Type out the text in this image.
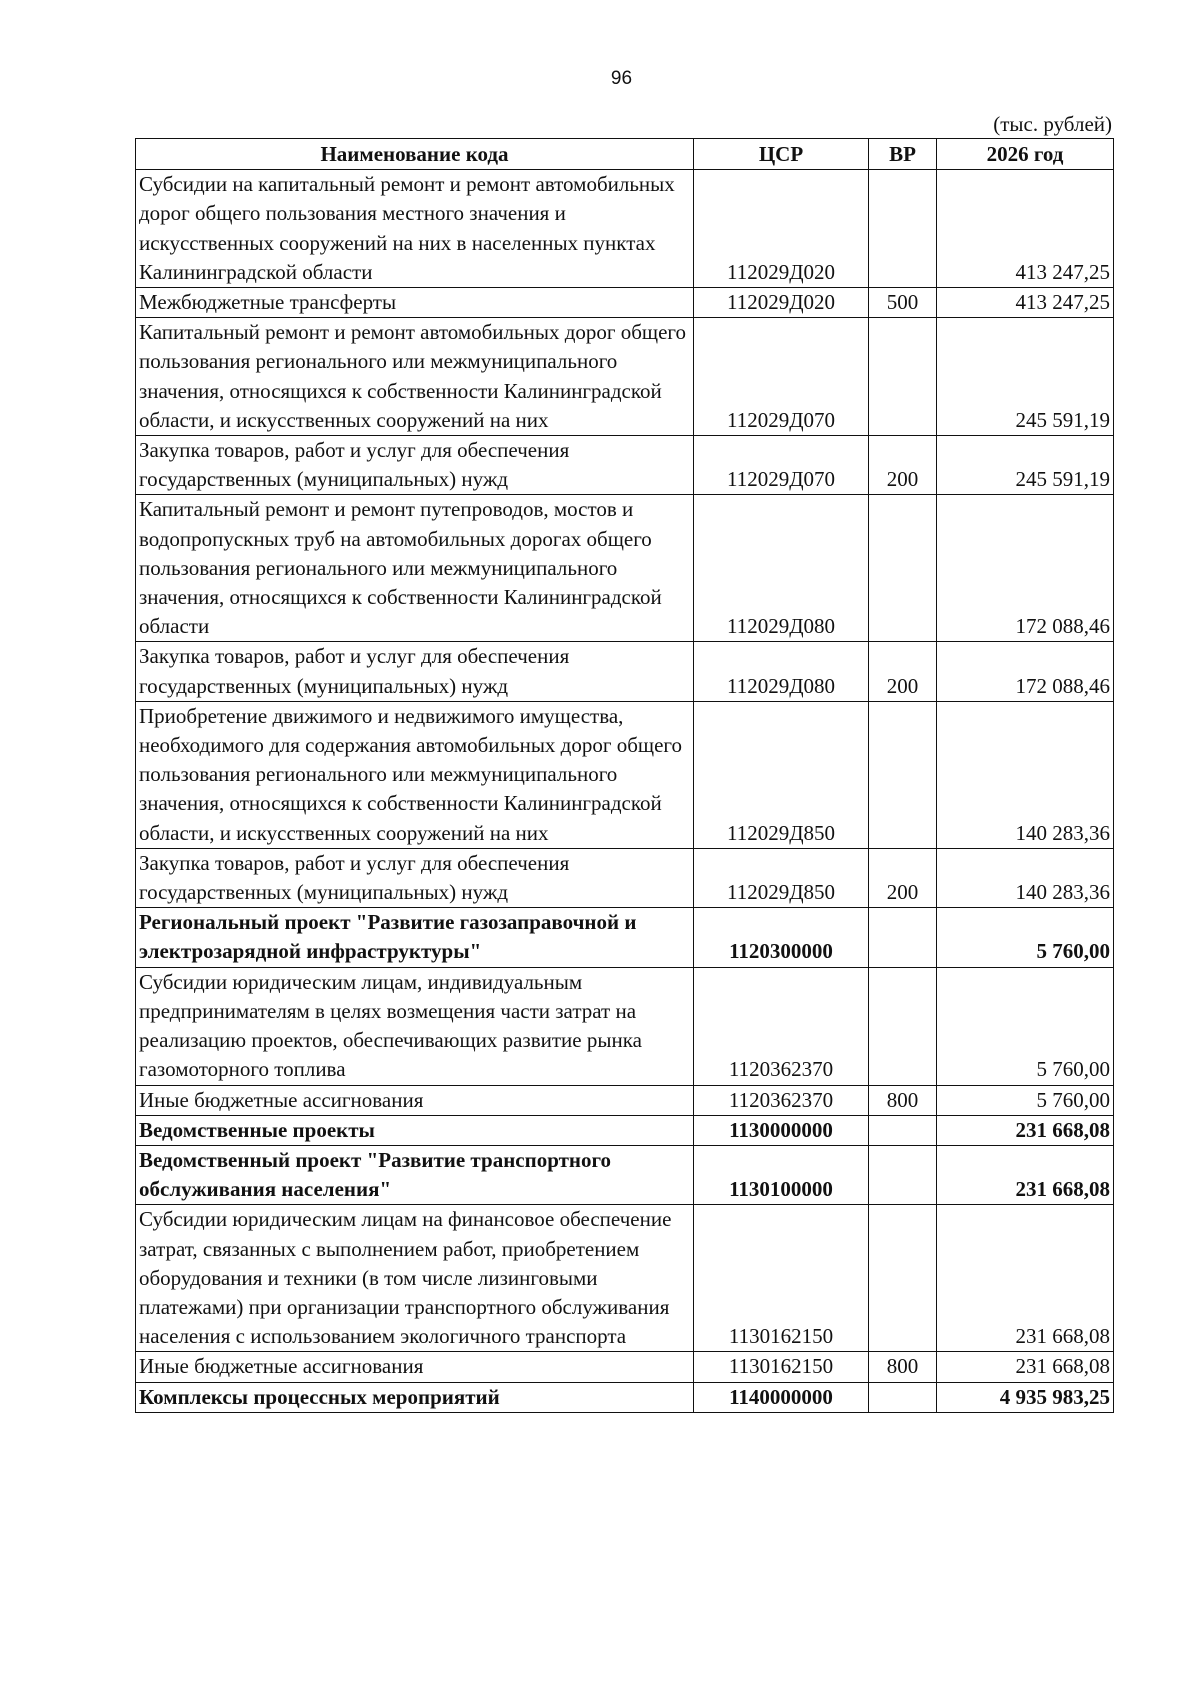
96
(тыс. рублей)
Наименование кода	ЦСР	ВР	2026 год
Субсидии на капитальный ремонт и ремонт автомобильных дорог общего пользования местного значения и искусственных сооружений на них в населенных пунктах Калининградской области	112029Д020		413 247,25
Межбюджетные трансферты	112029Д020	500	413 247,25
Капитальный ремонт и ремонт автомобильных дорог общего пользования регионального или межмуниципального значения, относящихся к собственности Калининградской области, и искусственных сооружений на них	112029Д070		245 591,19
Закупка товаров, работ и услуг для обеспечения государственных (муниципальных) нужд	112029Д070	200	245 591,19
Капитальный ремонт и ремонт путепроводов, мостов и водопропускных труб на автомобильных дорогах общего пользования регионального или межмуниципального значения, относящихся к собственности Калининградской области	112029Д080		172 088,46
Закупка товаров, работ и услуг для обеспечения государственных (муниципальных) нужд	112029Д080	200	172 088,46
Приобретение движимого и недвижимого имущества, необходимого для содержания автомобильных дорог общего пользования регионального или межмуниципального значения, относящихся к собственности Калининградской области, и искусственных сооружений на них	112029Д850		140 283,36
Закупка товаров, работ и услуг для обеспечения государственных (муниципальных) нужд	112029Д850	200	140 283,36
Региональный проект "Развитие газозаправочной и электрозарядной инфраструктуры"	1120300000		5 760,00
Субсидии юридическим лицам, индивидуальным предпринимателям в целях возмещения части затрат на реализацию проектов, обеспечивающих развитие рынка газомоторного топлива	1120362370		5 760,00
Иные бюджетные ассигнования	1120362370	800	5 760,00
Ведомственные проекты	1130000000		231 668,08
Ведомственный проект "Развитие транспортного обслуживания населения"	1130100000		231 668,08
Субсидии юридическим лицам на финансовое обеспечение затрат, связанных с выполнением работ, приобретением оборудования и техники (в том числе лизинговыми платежами) при организации транспортного обслуживания населения с использованием экологичного транспорта	1130162150		231 668,08
Иные бюджетные ассигнования	1130162150	800	231 668,08
Комплексы процессных мероприятий	1140000000		4 935 983,25
